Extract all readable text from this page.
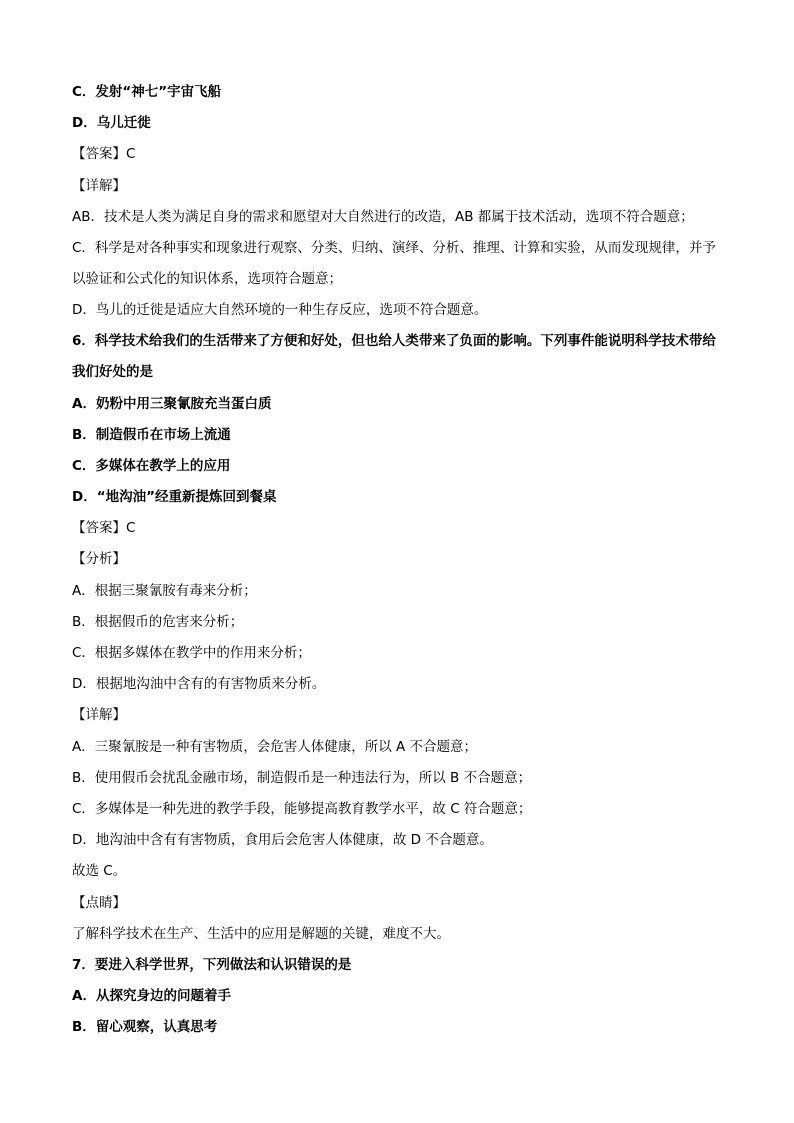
C．发射“神七”宇宙飞船
D．乌儿迁徙
【答案】C
【详解】
AB．技术是人类为满足自身的需求和愿望对大自然进行的改造，AB 都属于技术活动，选项不符合题意；
C．科学是对各种事实和现象进行观察、分类、归纳、演绎、分析、推理、计算和实验，从而发现规律，并予以验证和公式化的知识体系，选项符合题意；
D．鸟儿的迁徙是适应大自然环境的一种生存反应，选项不符合题意。
6．科学技术给我们的生活带来了方便和好处，但也给人类带来了负面的影响。下列事件能说明科学技术带给我们好处的是
A．奶粉中用三聚氰胺充当蛋白质
B．制造假币在市场上流通
C．多媒体在教学上的应用
D．“地沟油”经重新提炼回到餐桌
【答案】C
【分析】
A．根据三聚氰胺有毒来分析；
B．根据假币的危害来分析；
C．根据多媒体在教学中的作用来分析；
D．根据地沟油中含有的有害物质来分析。
【详解】
A．三聚氰胺是一种有害物质，会危害人体健康，所以 A 不合题意；
B．使用假币会扰乱金融市场，制造假币是一种违法行为，所以 B 不合题意；
C．多媒体是一种先进的教学手段，能够提高教育教学水平，故 C 符合题意；
D．地沟油中含有有害物质，食用后会危害人体健康，故 D 不合题意。
故选 C。
【点睛】
了解科学技术在生产、生活中的应用是解题的关键，难度不大。
7．要进入科学世界，下列做法和认识错误的是
A．从探究身边的问题着手
B．留心观察，认真思考
